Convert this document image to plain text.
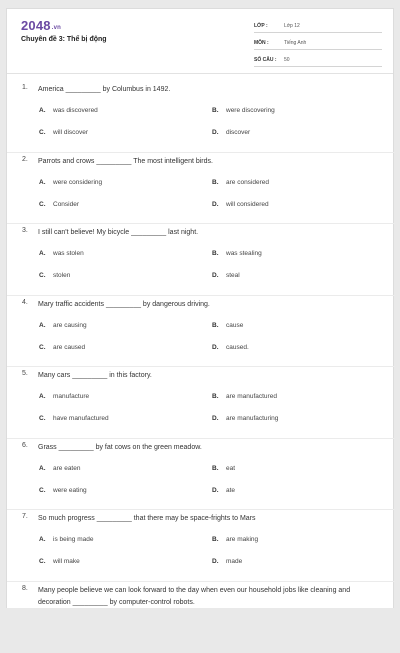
2048.vn
Chuyên đề 3: Thể bị động
LỚP :	Lớp 12
MÔN :	Tiếng Anh
SỐ CÂU :	50
1. America _________ by Columbus in 1492.
A. was discovered	B. were discovering
C. will discover	D. discover
2. Parrots and crows _________ The most intelligent birds.
A. were considering	B. are considered
C. Consider	D. will considered
3. I still can't believe! My bicycle _________ last night.
A. was stolen	B. was stealing
C. stolen	D. steal
4. Mary traffic accidents _________ by dangerous driving.
A. are causing	B. cause
C. are caused	D. caused.
5. Many cars _________ in this factory.
A. manufacture	B. are manufactured
C. have manufactured	D. are manufacturing
6. Grass _________ by fat cows on the green meadow.
A. are eaten	B. eat
C. were eating	D. ate
7. So much progress _________ that there may be space-frights to Mars
A. is being made	B. are making
C. will make	D. made
8. Many people believe we can look forward to the day when even our household jobs like cleaning and decoration _________ by computer-control robots.
